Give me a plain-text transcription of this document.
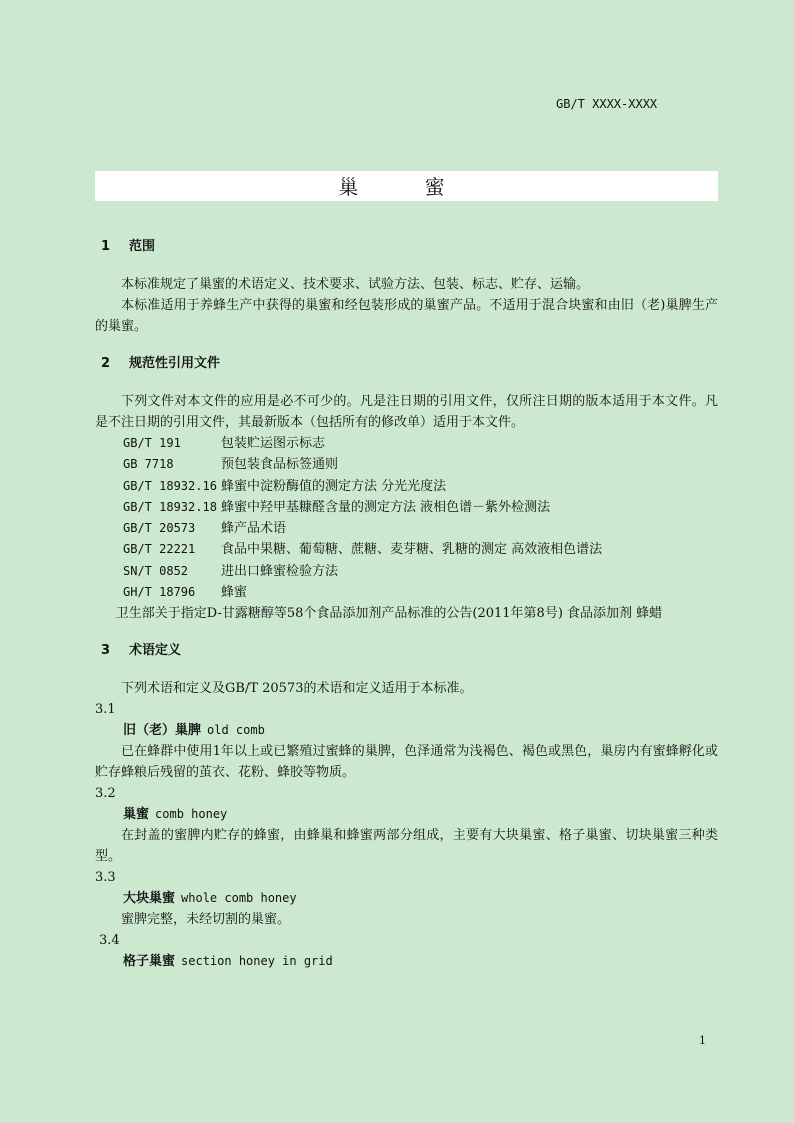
GB/T XXXX-XXXX
巢 蜜
1 范围
本标准规定了巢蜜的术语定义、技术要求、试验方法、包装、标志、贮存、运输。
本标准适用于养蜂生产中获得的巢蜜和经包装形成的巢蜜产品。不适用于混合块蜜和由旧（老)巢脾生产的巢蜜。
2 规范性引用文件
下列文件对本文件的应用是必不可少的。凡是注日期的引用文件，仅所注日期的版本适用于本文件。凡是不注日期的引用文件，其最新版本（包括所有的修改单）适用于本文件。
GB/T 191	包装贮运图示标志
GB 7718	预包装食品标签通则
GB/T 18932.16 蜂蜜中淀粉酶值的测定方法 分光光度法
GB/T 18932.18 蜂蜜中羟甲基糠醛含量的测定方法 液相色谱－紫外检测法
GB/T 20573 蜂产品术语
GB/T 22221 食品中果糖、葡萄糖、蔗糖、麦芽糖、乳糖的测定 高效液相色谱法
SN/T 0852	进出口蜂蜜检验方法
GH/T 18796 蜂蜜
卫生部关于指定D-甘露糖醇等58个食品添加剂产品标准的公告(2011年第8号) 食品添加剂 蜂蜡
3 术语定义
下列术语和定义及GB/T 20573的术语和定义适用于本标准。
3.1
旧（老）巢脾 old comb
已在蜂群中使用1年以上或已繁殖过蜜蜂的巢脾，色泽通常为浅褐色、褐色或黑色，巢房内有蜜蜂孵化或贮存蜂粮后残留的茧衣、花粉、蜂胶等物质。
3.2
巢蜜 comb honey
在封盖的蜜脾内贮存的蜂蜜，由蜂巢和蜂蜜两部分组成，主要有大块巢蜜、格子巢蜜、切块巢蜜三种类型。
3.3
大块巢蜜 whole comb honey
蜜脾完整，未经切割的巢蜜。
3.4
格子巢蜜 section honey in grid
1
